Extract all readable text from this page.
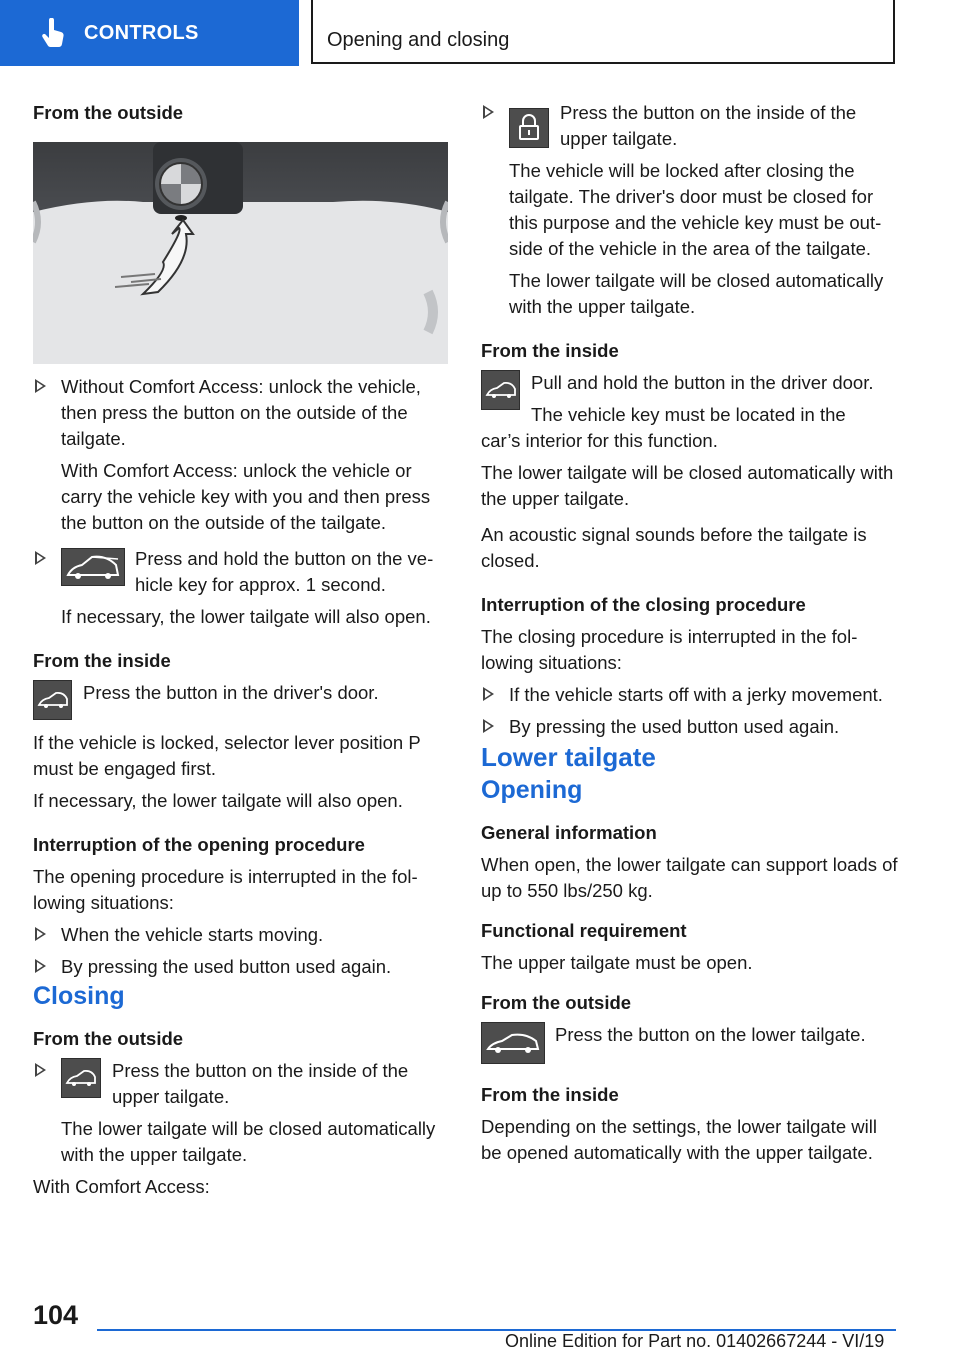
CONTROLS	Opening and closing

From the outside

Without Comfort Access: unlock the vehicle, then press the button on the outside of the tailgate.

With Comfort Access: unlock the vehicle or carry the vehicle key with you and then press the button on the outside of the tailgate.

Press and hold the button on the vehicle key for approx. 1 second.

If necessary, the lower tailgate will also open.

From the inside

Press the button in the driver's door.

If the vehicle is locked, selector lever position P must be engaged first.

If necessary, the lower tailgate will also open.

Interruption of the opening procedure

The opening procedure is interrupted in the following situations:

When the vehicle starts moving.

By pressing the used button used again.

Closing

From the outside

Press the button on the inside of the upper tailgate.

The lower tailgate will be closed automatically with the upper tailgate.

With Comfort Access:

Press the button on the inside of the upper tailgate.

The vehicle will be locked after closing the tailgate. The driver's door must be closed for this purpose and the vehicle key must be outside of the vehicle in the area of the tailgate.

The lower tailgate will be closed automatically with the upper tailgate.

From the inside

Pull and hold the button in the driver door.

The vehicle key must be located in the

car’s interior for this function.

The lower tailgate will be closed automatically with the upper tailgate.

An acoustic signal sounds before the tailgate is closed.

Interruption of the closing procedure

The closing procedure is interrupted in the following situations:

If the vehicle starts off with a jerky movement.

By pressing the used button used again.

Lower tailgate

Opening

General information

When open, the lower tailgate can support loads of up to 550 lbs/250 kg.

Functional requirement

The upper tailgate must be open.

From the outside

Press the button on the lower tailgate.

From the inside

Depending on the settings, the lower tailgate will be opened automatically with the upper tailgate.

104
Online Edition for Part no. 01402667244 - VI/19
